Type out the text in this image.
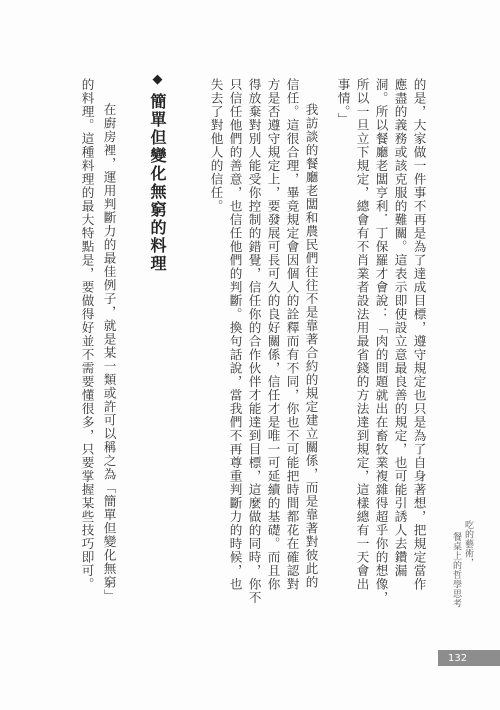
的是，大家做一件事不再是為了達成目標，遵守規定也只是為了自身著想，把規定當作
應盡的義務或該克服的難關。這表示即使設立意最良善的規定，也可能引誘人去鑽漏
洞。所以餐廳老闆亨利．丁保羅才會說：「肉的問題就出在畜牧業複雜得超乎你的想像，
所以一旦立下規定，總會有不肖業者設法用最省錢的方法達到規定，這樣總有一天會出
事情。」
我訪談的餐廳老闆和農民們往往不是靠著合約的規定建立關係，而是靠著對彼此的
信任。這很合理，畢竟規定會因個人的詮釋而有不同，你也不可能把時間都花在確認對
方是否遵守規定上，要發展可長可久的良好關係，信任才是唯一可延續的基礎。而且你
得放棄對別人能受你控制的錯覺，信任你的合作伙伴才能達到目標，這麼做的同時，你不
只信任他們的善意，也信任他們的判斷。換句話說，當我們不再尊重判斷力的時候，也
失去了對他人的信任。
◆簡單但變化無窮的料理
在廚房裡，運用判斷力的最佳例子，就是某一類或許可以稱之為「簡單但變化無窮」
的料理。這種料理的最大特點是，要做得好並不需要懂很多，只要掌握某些技巧即可。	吃的藝術，
餐桌上的哲學思考
132
